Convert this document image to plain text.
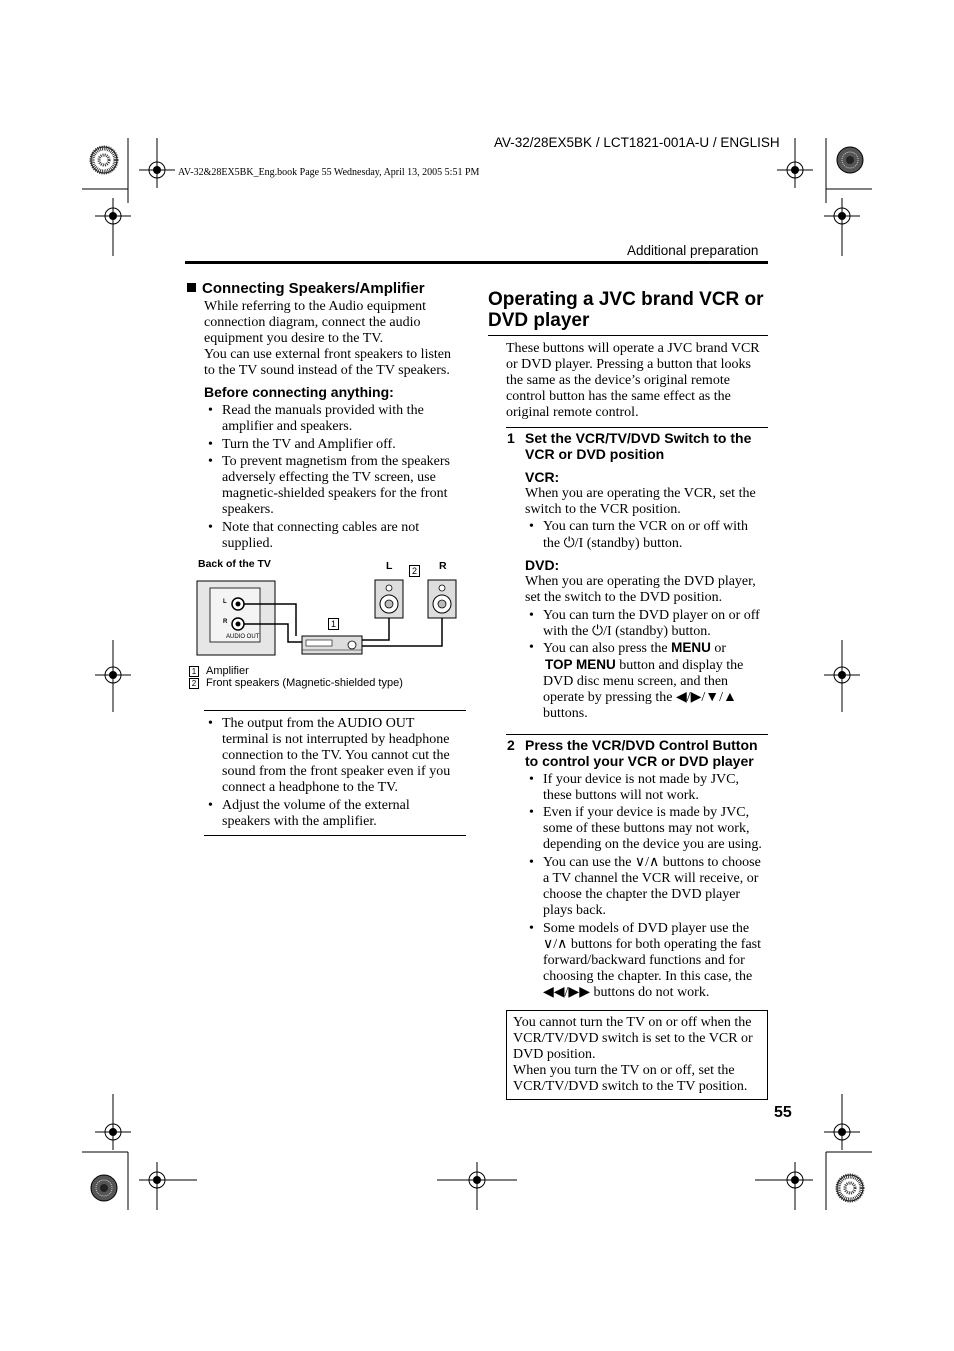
AV-32/28EX5BK / LCT1821-001A-U / ENGLISH
AV-32&28EX5BK_Eng.book Page 55 Wednesday, April 13, 2005 5:51 PM
Additional preparation
Connecting Speakers/Amplifier
While referring to the Audio equipment
connection diagram, connect the audio
equipment you desire to the TV.
You can use external front speakers to listen
to the TV sound instead of the TV speakers.
Before connecting anything:
• Read the manuals provided with the
amplifier and speakers.
• Turn the TV and Amplifier off.
• To prevent magnetism from the speakers
adversely effecting the TV screen, use
magnetic-shielded speakers for the front
speakers.
• Note that connecting cables are not
supplied.
Back of the TV	L	R
2
1
L
R
AUDIO OUT
1 Amplifier
2 Front speakers (Magnetic-shielded type)
• The output from the AUDIO OUT
terminal is not interrupted by headphone
connection to the TV. You cannot cut the
sound from the front speaker even if you
connect a headphone to the TV.
• Adjust the volume of the external
speakers with the amplifier.
Operating a JVC brand VCR or
DVD player
These buttons will operate a JVC brand VCR
or DVD player. Pressing a button that looks
the same as the device’s original remote
control button has the same effect as the
original remote control.
1 Set the VCR/TV/DVD Switch to the
VCR or DVD position
VCR:
When you are operating the VCR, set the
switch to the VCR position.
• You can turn the VCR on or off with
the ⏻/I (standby) button.
DVD:
When you are operating the DVD player,
set the switch to the DVD position.
• You can turn the DVD player on or off
with the ⏻/I (standby) button.
• You can also press the MENU or
TOP MENU button and display the
DVD disc menu screen, and then
operate by pressing the ◀/▶/▼/▲
buttons.
2 Press the VCR/DVD Control Button
to control your VCR or DVD player
• If your device is not made by JVC,
these buttons will not work.
• Even if your device is made by JVC,
some of these buttons may not work,
depending on the device you are using.
• You can use the ∨/∧ buttons to choose
a TV channel the VCR will receive, or
choose the chapter the DVD player
plays back.
• Some models of DVD player use the
∨/∧ buttons for both operating the fast
forward/backward functions and for
choosing the chapter. In this case, the
◀◀/▶▶ buttons do not work.
You cannot turn the TV on or off when the
VCR/TV/DVD switch is set to the VCR or
DVD position.
When you turn the TV on or off, set the
VCR/TV/DVD switch to the TV position.
55
